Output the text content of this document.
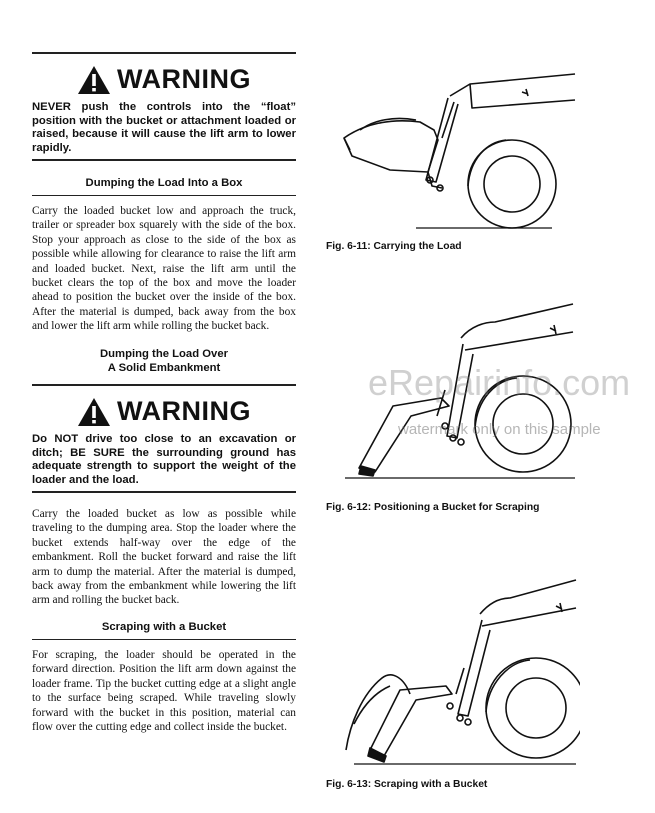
WARNING
NEVER push the controls into the “float” position with the bucket or attachment loaded or raised, because it will cause the lift arm to lower rapidly.
Dumping the Load Into a Box
Carry the loaded bucket low and approach the truck, trailer or spreader box squarely with the side of the box. Stop your approach as close to the side of the box as possible while allowing for clearance to raise the lift arm and loaded bucket. Next, raise the lift arm until the bucket clears the top of the box and move the loader ahead to position the bucket over the inside of the box. After the material is dumped, back away from the box and lower the lift arm while rolling the bucket back.
Dumping the Load Over
A Solid Embankment
WARNING
Do NOT drive too close to an excavation or ditch; BE SURE the surrounding ground has adequate strength to support the weight of the loader and the load.
Carry the loaded bucket as low as possible while traveling to the dumping area. Stop the loader where the bucket extends half-way over the edge of the embankment. Roll the bucket forward and raise the lift arm to dump the material. After the material is dumped, back away from the embankment while lowering the lift arm and rolling the bucket back.
Scraping with a Bucket
For scraping, the loader should be operated in the forward direction. Position the lift arm down against the loader frame. Tip the bucket cutting edge at a slight angle to the surface being scraped. While traveling slowly forward with the bucket in this position, material can flow over the cutting edge and collect inside the bucket.
Fig. 6-11: Carrying the Load
Fig. 6-12: Positioning a Bucket for Scraping
Fig. 6-13: Scraping with a Bucket
eRepairinfo.com
watermark only on this sample
